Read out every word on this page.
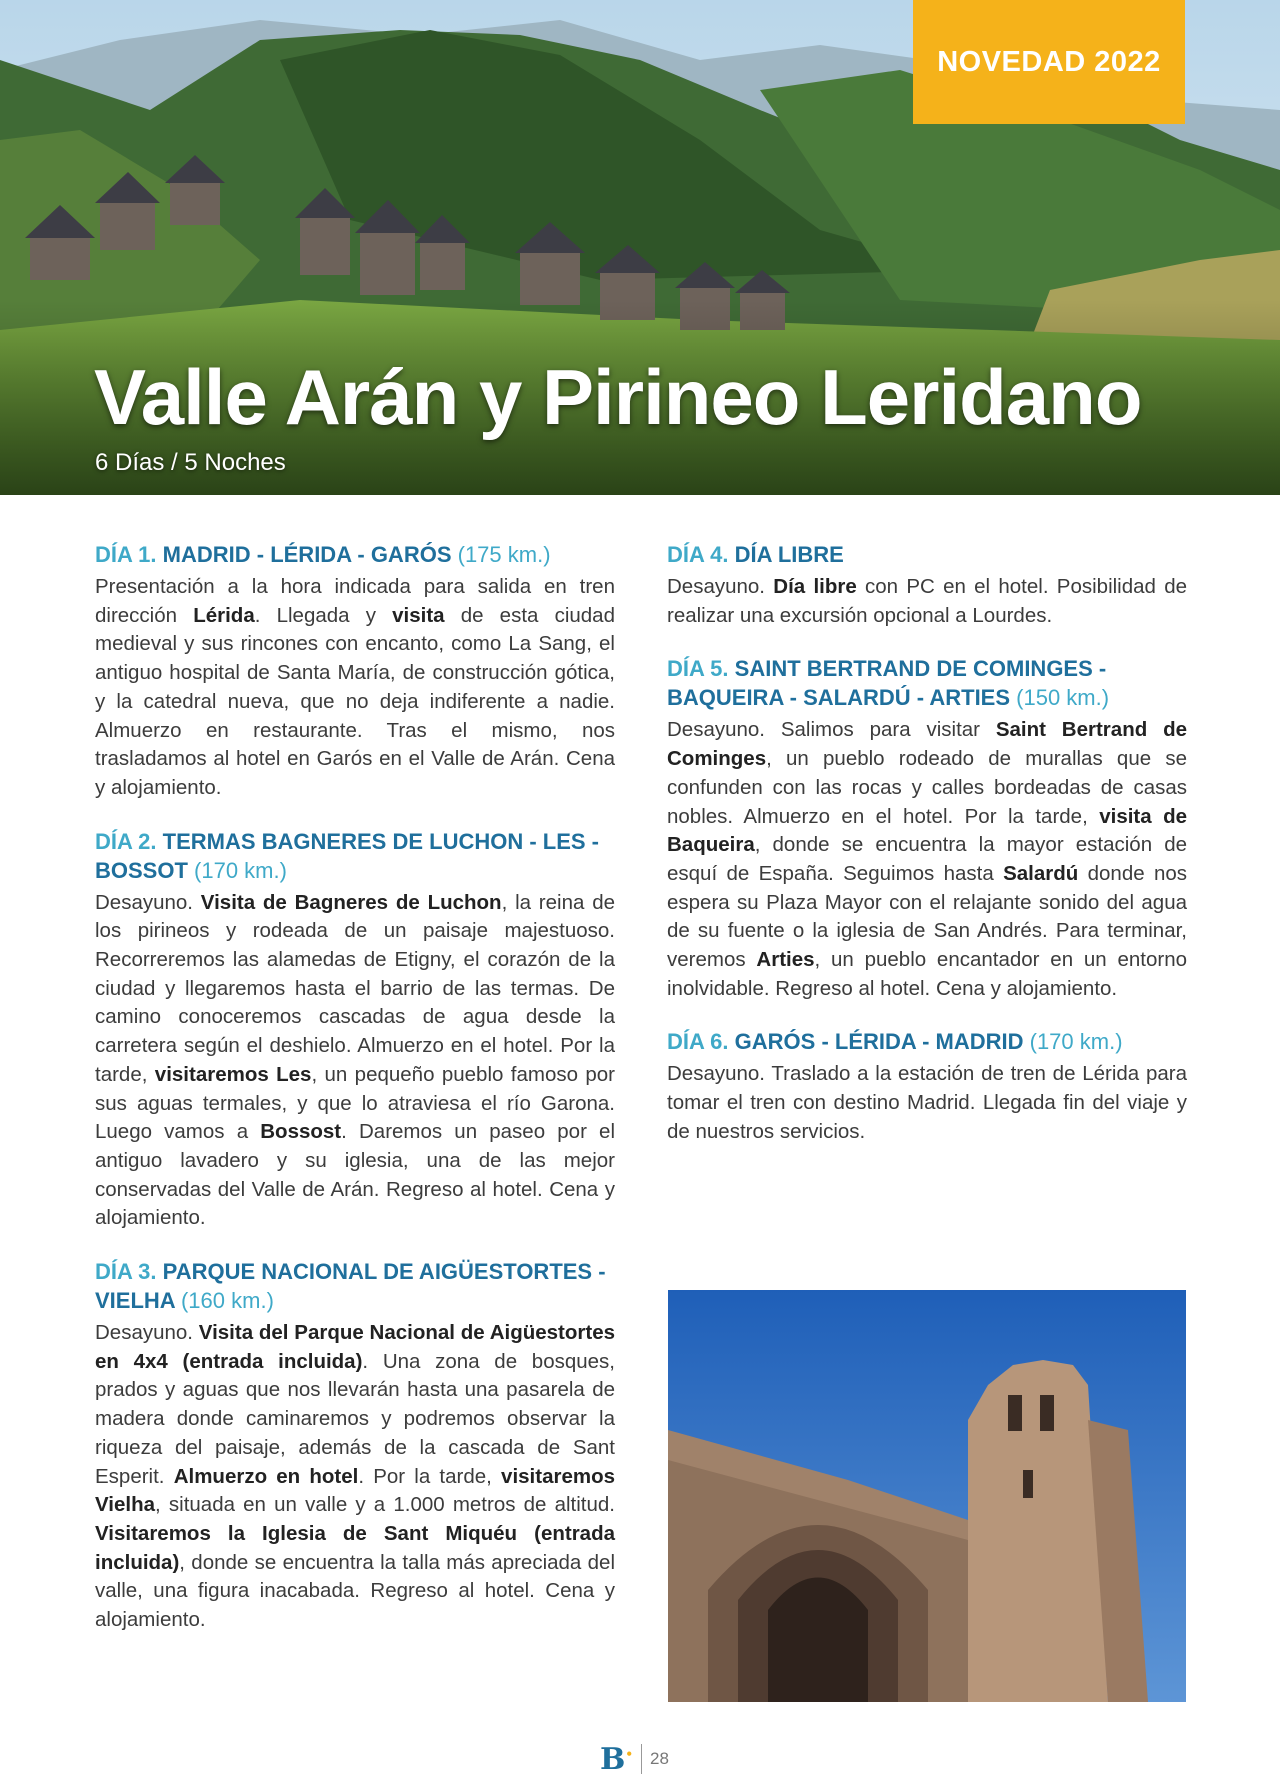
NOVEDAD 2022
Valle Arán y Pirineo Leridano
6 Días / 5 Noches

DÍA 1. MADRID - LÉRIDA - GARÓS (175 km.)

Presentación a la hora indicada para salida en tren dirección Lérida. Llegada y visita de esta ciudad medieval y sus rincones con encanto, como La Sang, el antiguo hospital de Santa María, de construcción gótica, y la catedral nueva, que no deja indiferente a nadie. Almuerzo en restaurante. Tras el mismo, nos trasladamos al hotel en Garós en el Valle de Arán. Cena y alojamiento.

DÍA 2. TERMAS BAGNERES DE LUCHON - LES - BOSSOT (170 km.)

Desayuno. Visita de Bagneres de Luchon, la reina de los pirineos y rodeada de un paisaje majestuoso. Recorreremos las alamedas de Etigny, el corazón de la ciudad y llegaremos hasta el barrio de las termas. De camino conoceremos cascadas de agua desde la carretera según el deshielo. Almuerzo en el hotel. Por la tarde, visitaremos Les, un pequeño pueblo famoso por sus aguas termales, y que lo atraviesa el río Garona. Luego vamos a Bossost. Daremos un paseo por el antiguo lavadero y su iglesia, una de las mejor conservadas del Valle de Arán. Regreso al hotel. Cena y alojamiento.

DÍA 3. PARQUE NACIONAL DE AIGÜESTORTES - VIELHA (160 km.)

Desayuno. Visita del Parque Nacional de Aigüestortes en 4x4 (entrada incluida). Una zona de bosques, prados y aguas que nos llevarán hasta una pasarela de madera donde caminaremos y podremos observar la riqueza del paisaje, además de la cascada de Sant Esperit. Almuerzo en hotel. Por la tarde, visitaremos Vielha, situada en un valle y a 1.000 metros de altitud. Visitaremos la Iglesia de Sant Miquéu (entrada incluida), donde se encuentra la talla más apreciada del valle, una figura inacabada. Regreso al hotel. Cena y alojamiento.

DÍA 4. DÍA LIBRE

Desayuno. Día libre con PC en el hotel. Posibilidad de realizar una excursión opcional a Lourdes.

DÍA 5. SAINT BERTRAND DE COMINGES - BAQUEIRA - SALARDÚ - ARTIES (150 km.)

Desayuno. Salimos para visitar Saint Bertrand de Cominges, un pueblo rodeado de murallas que se confunden con las rocas y calles bordeadas de casas nobles. Almuerzo en el hotel. Por la tarde, visita de Baqueira, donde se encuentra la mayor estación de esquí de España. Seguimos hasta Salardú donde nos espera su Plaza Mayor con el relajante sonido del agua de su fuente o la iglesia de San Andrés. Para terminar, veremos Arties, un pueblo encantador en un entorno inolvidable. Regreso al hotel. Cena y alojamiento.

DÍA 6. GARÓS - LÉRIDA - MADRID (170 km.)

Desayuno. Traslado a la estación de tren de Lérida para tomar el tren con destino Madrid. Llegada fin del viaje y de nuestros servicios.

B• 28
